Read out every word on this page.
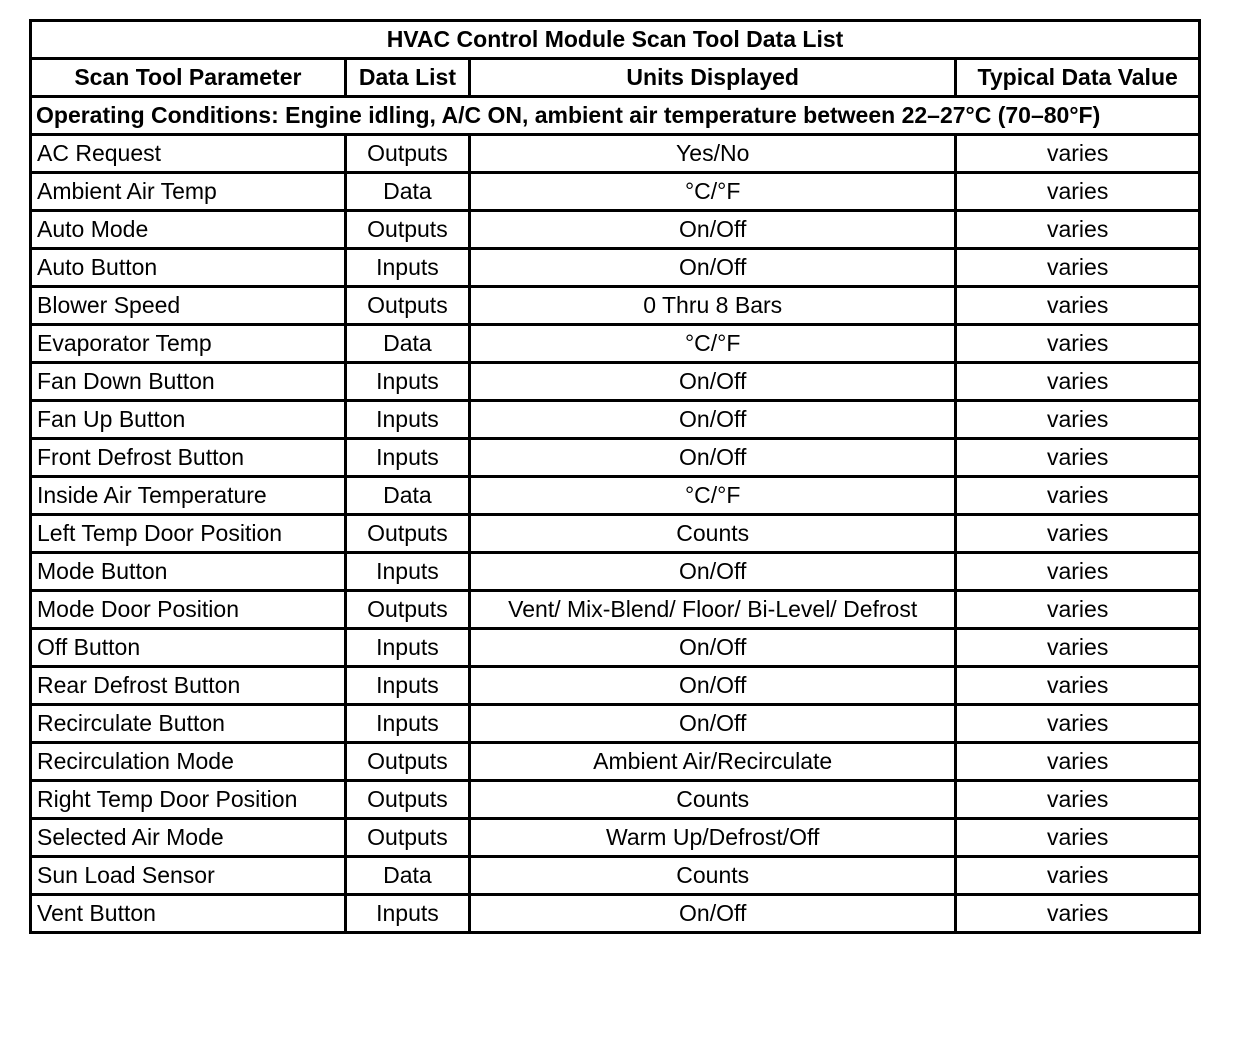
HVAC Control Module Scan Tool Data List			
Scan Tool Parameter	Data List	Units Displayed	Typical Data Value
Operating Conditions: Engine idling, A/C ON, ambient air temperature between 22–27°C (70–80°F)			
AC Request	Outputs	Yes/No	varies
Ambient Air Temp	Data	°C/°F	varies
Auto Mode	Outputs	On/Off	varies
Auto Button	Inputs	On/Off	varies
Blower Speed	Outputs	0 Thru 8 Bars	varies
Evaporator Temp	Data	°C/°F	varies
Fan Down Button	Inputs	On/Off	varies
Fan Up Button	Inputs	On/Off	varies
Front Defrost Button	Inputs	On/Off	varies
Inside Air Temperature	Data	°C/°F	varies
Left Temp Door Position	Outputs	Counts	varies
Mode Button	Inputs	On/Off	varies
Mode Door Position	Outputs	Vent/ Mix-Blend/ Floor/ Bi-Level/ Defrost	varies
Off Button	Inputs	On/Off	varies
Rear Defrost Button	Inputs	On/Off	varies
Recirculate Button	Inputs	On/Off	varies
Recirculation Mode	Outputs	Ambient Air/Recirculate	varies
Right Temp Door Position	Outputs	Counts	varies
Selected Air Mode	Outputs	Warm Up/Defrost/Off	varies
Sun Load Sensor	Data	Counts	varies
Vent Button	Inputs	On/Off	varies
